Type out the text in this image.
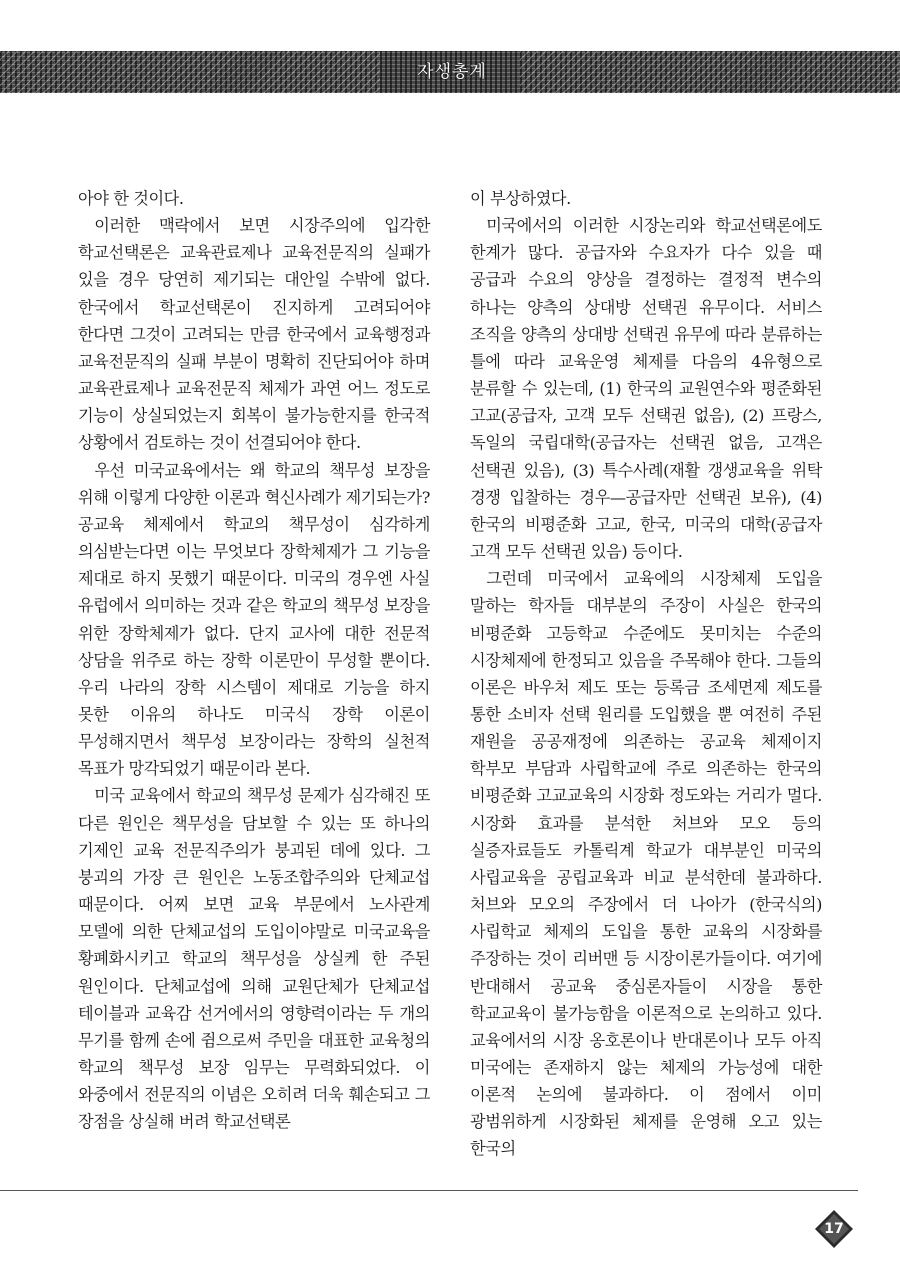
자생총계

아야 한 것이다.

이러한 맥락에서 보면 시장주의에 입각한 학교선택론은 교육관료제나 교육전문직의 실패가 있을 경우 당연히 제기되는 대안일 수밖에 없다. 한국에서 학교선택론이 진지하게 고려되어야 한다면 그것이 고려되는 만큼 한국에서 교육행정과 교육전문직의 실패 부분이 명확히 진단되어야 하며 교육관료제나 교육전문직 체제가 과연 어느 정도로 기능이 상실되었는지 회복이 불가능한지를 한국적 상황에서 검토하는 것이 선결되어야 한다.

우선 미국교육에서는 왜 학교의 책무성 보장을 위해 이렇게 다양한 이론과 혁신사례가 제기되는가? 공교육 체제에서 학교의 책무성이 심각하게 의심받는다면 이는 무엇보다 장학체제가 그 기능을 제대로 하지 못했기 때문이다. 미국의 경우엔 사실 유럽에서 의미하는 것과 같은 학교의 책무성 보장을 위한 장학체제가 없다. 단지 교사에 대한 전문적 상담을 위주로 하는 장학 이론만이 무성할 뿐이다. 우리 나라의 장학 시스템이 제대로 기능을 하지 못한 이유의 하나도 미국식 장학 이론이 무성해지면서 책무성 보장이라는 장학의 실천적 목표가 망각되었기 때문이라 본다.

미국 교육에서 학교의 책무성 문제가 심각해진 또 다른 원인은 책무성을 담보할 수 있는 또 하나의 기제인 교육 전문직주의가 붕괴된 데에 있다. 그 붕괴의 가장 큰 원인은 노동조합주의와 단체교섭 때문이다. 어찌 보면 교육 부문에서 노사관계 모델에 의한 단체교섭의 도입이야말로 미국교육을 황폐화시키고 학교의 책무성을 상실케 한 주된 원인이다. 단체교섭에 의해 교원단체가 단체교섭 테이블과 교육감 선거에서의 영향력이라는 두 개의 무기를 함께 손에 쥠으로써 주민을 대표한 교육청의 학교의 책무성 보장 임무는 무력화되었다. 이 와중에서 전문직의 이념은 오히려 더욱 훼손되고 그 장점을 상실해 버려 학교선택론

이 부상하였다.

미국에서의 이러한 시장논리와 학교선택론에도 한계가 많다. 공급자와 수요자가 다수 있을 때 공급과 수요의 양상을 결정하는 결정적 변수의 하나는 양측의 상대방 선택권 유무이다. 서비스 조직을 양측의 상대방 선택권 유무에 따라 분류하는 틀에 따라 교육운영 체제를 다음의 4유형으로 분류할 수 있는데, (1) 한국의 교원연수와 평준화된 고교(공급자, 고객 모두 선택권 없음), (2) 프랑스, 독일의 국립대학(공급자는 선택권 없음, 고객은 선택권 있음), (3) 특수사례(재활 갱생교육을 위탁 경쟁 입찰하는 경우—공급자만 선택권 보유), (4) 한국의 비평준화 고교, 한국, 미국의 대학(공급자 고객 모두 선택권 있음) 등이다.

그런데 미국에서 교육에의 시장체제 도입을 말하는 학자들 대부분의 주장이 사실은 한국의 비평준화 고등학교 수준에도 못미치는 수준의 시장체제에 한정되고 있음을 주목해야 한다. 그들의 이론은 바우처 제도 또는 등록금 조세면제 제도를 통한 소비자 선택 원리를 도입했을 뿐 여전히 주된 재원을 공공재정에 의존하는 공교육 체제이지 학부모 부담과 사립학교에 주로 의존하는 한국의 비평준화 고교교육의 시장화 정도와는 거리가 멀다. 시장화 효과를 분석한 처브와 모오 등의 실증자료들도 카톨릭계 학교가 대부분인 미국의 사립교육을 공립교육과 비교 분석한데 불과하다. 처브와 모오의 주장에서 더 나아가 (한국식의)사립학교 체제의 도입을 통한 교육의 시장화를 주장하는 것이 리버맨 등 시장이론가들이다. 여기에 반대해서 공교육 중심론자들이 시장을 통한 학교교육이 불가능함을 이론적으로 논의하고 있다. 교육에서의 시장 옹호론이나 반대론이나 모두 아직 미국에는 존재하지 않는 체제의 가능성에 대한 이론적 논의에 불과하다. 이 점에서 이미 광범위하게 시장화된 체제를 운영해 오고 있는 한국의

17
